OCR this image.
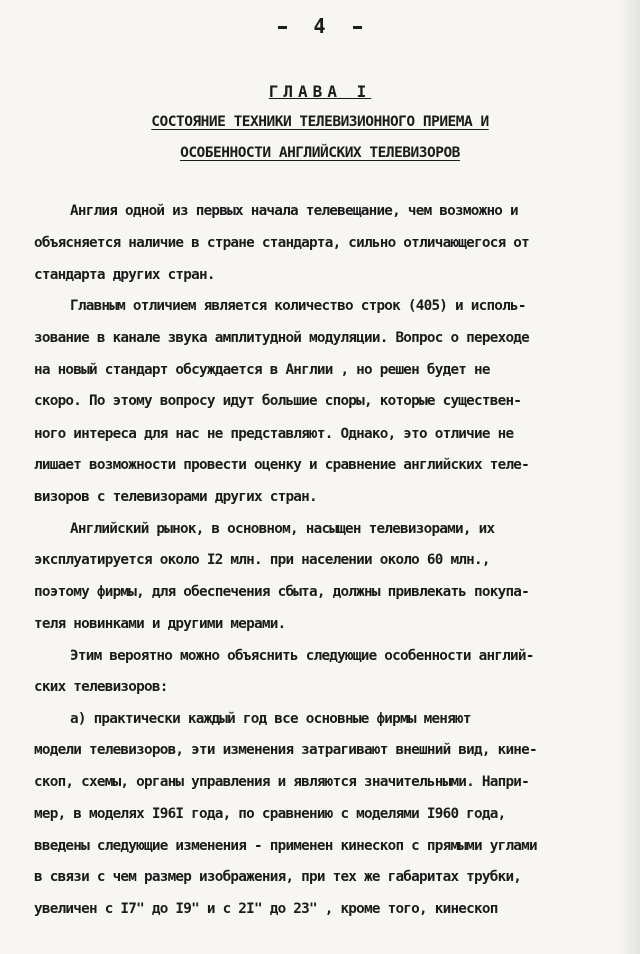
4
ГЛАВА I
СОСТОЯНИЕ ТЕХНИКИ ТЕЛЕВИЗИОННОГО ПРИЕМА И
ОСОБЕННОСТИ АНГЛИЙСКИХ ТЕЛЕВИЗОРОВ
Англия одной из первых начала телевещание, чем возможно и
объясняется наличие в стране стандарта, сильно отличающегося от
стандарта других стран.
Главным отличием является количество строк (405) и исполь-
зование в канале звука амплитудной модуляции. Вопрос о переходе
на новый стандарт обсуждается в Англии , но решен будет не
скоро. По этому вопросу идут большие споры, которые существен-
ного интереса для нас не представляют. Однако, это отличие не
лишает возможности провести оценку и сравнение английских теле-
визоров с телевизорами других стран.
Английский рынок, в основном, насыщен телевизорами, их
эксплуатируется около I2 млн. при населении около 60 млн.,
поэтому фирмы, для обеспечения сбыта, должны привлекать покупа-
теля новинками и другими мерами.
Этим вероятно можно объяснить следующие особенности англий-
ских телевизоров:
а) практически каждый год все основные фирмы меняют
модели телевизоров, эти изменения затрагивают внешний вид, кине-
скоп, схемы, органы управления и являются значительными. Напри-
мер, в моделях I96I года, по сравнению с моделями I960 года,
введены следующие изменения - применен кинескоп с прямыми углами
в связи с чем размер изображения, при тех же габаритах трубки,
увеличен с I7" до I9" и с 2I" до 23" , кроме того, кинескоп
